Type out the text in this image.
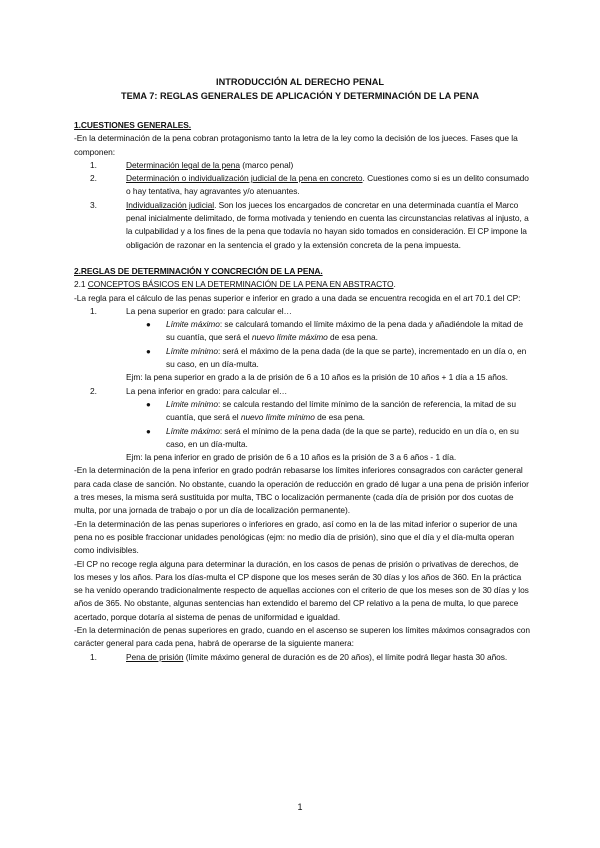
INTRODUCCIÓN AL DERECHO PENAL
TEMA 7: REGLAS GENERALES DE APLICACIÓN Y DETERMINACIÓN DE LA PENA

1.CUESTIONES GENERALES.

-En la determinación de la pena cobran protagonismo tanto la letra de la ley como la decisión de los jueces. Fases que la componen:

1.	Determinación legal de la pena (marco penal)
2.	Determinación o individualización judicial de la pena en concreto. Cuestiones como si es un delito consumado o hay tentativa, hay agravantes y/o atenuantes.
3.	Individualización judicial. Son los jueces los encargados de concretar en una determinada cuantía el Marco penal inicialmente delimitado, de forma motivada y teniendo en cuenta las circunstancias relativas al injusto, a la culpabilidad y a los fines de la pena que todavía no hayan sido tomados en consideración. El CP impone la obligación de razonar en la sentencia el grado y la extensión concreta de la pena impuesta.

2.REGLAS DE DETERMINACIÓN Y CONCRECIÓN DE LA PENA.

2.1 CONCEPTOS BÁSICOS EN LA DETERMINACIÓN DE LA PENA EN ABSTRACTO.

-La regla para el cálculo de las penas superior e inferior en grado a una dada se encuentra recogida en el art 70.1 del CP:

1.	La pena superior en grado: para calcular el…
● Límite máximo: se calculará tomando el límite máximo de la pena dada y añadiéndole la mitad de su cuantía, que será el nuevo límite máximo de esa pena.
● Límite mínimo: será el máximo de la pena dada (de la que se parte), incrementado en un día o, en su caso, en un día-multa.

Ejm: la pena superior en grado a la de prisión de 6 a 10 años es la prisión de 10 años + 1 día a 15 años.

2.	La pena inferior en grado: para calcular el…
● Límite mínimo: se calcula restando del límite mínimo de la sanción de referencia, la mitad de su cuantía, que será el nuevo límite mínimo de esa pena.
● Límite máximo: será el mínimo de la pena dada (de la que se parte), reducido en un día o, en su caso, en un día-multa.

Ejm: la pena inferior en grado de prisión de 6 a 10 años es la prisión de 3 a 6 años - 1 día.

-En la determinación de la pena inferior en grado podrán rebasarse los límites inferiores consagrados con carácter general para cada clase de sanción. No obstante, cuando la operación de reducción en grado dé lugar a una pena de prisión inferior a tres meses, la misma será sustituida por multa, TBC o localización permanente (cada día de prisión por dos cuotas de multa, por una jornada de trabajo o por un día de localización permanente).

-En la determinación de las penas superiores o inferiores en grado, así como en la de las mitad inferior o superior de una pena no es posible fraccionar unidades penológicas (ejm: no medio día de prisión), sino que el día y el día-multa operan como indivisibles.

-El CP no recoge regla alguna para determinar la duración, en los casos de penas de prisión o privativas de derechos, de los meses y los años. Para los días-multa el CP dispone que los meses serán de 30 días y los años de 360. En la práctica se ha venido operando tradicionalmente respecto de aquellas acciones con el criterio de que los meses son de 30 días y los años de 365. No obstante, algunas sentencias han extendido el baremo del CP relativo a la pena de multa, lo que parece acertado, porque dotaría al sistema de penas de uniformidad e igualdad.

-En la determinación de penas superiores en grado, cuando en el ascenso se superen los límites máximos consagrados con carácter general para cada pena, habrá de operarse de la siguiente manera:

1.	Pena de prisión (límite máximo general de duración es de 20 años), el límite podrá llegar hasta 30 años.
1
